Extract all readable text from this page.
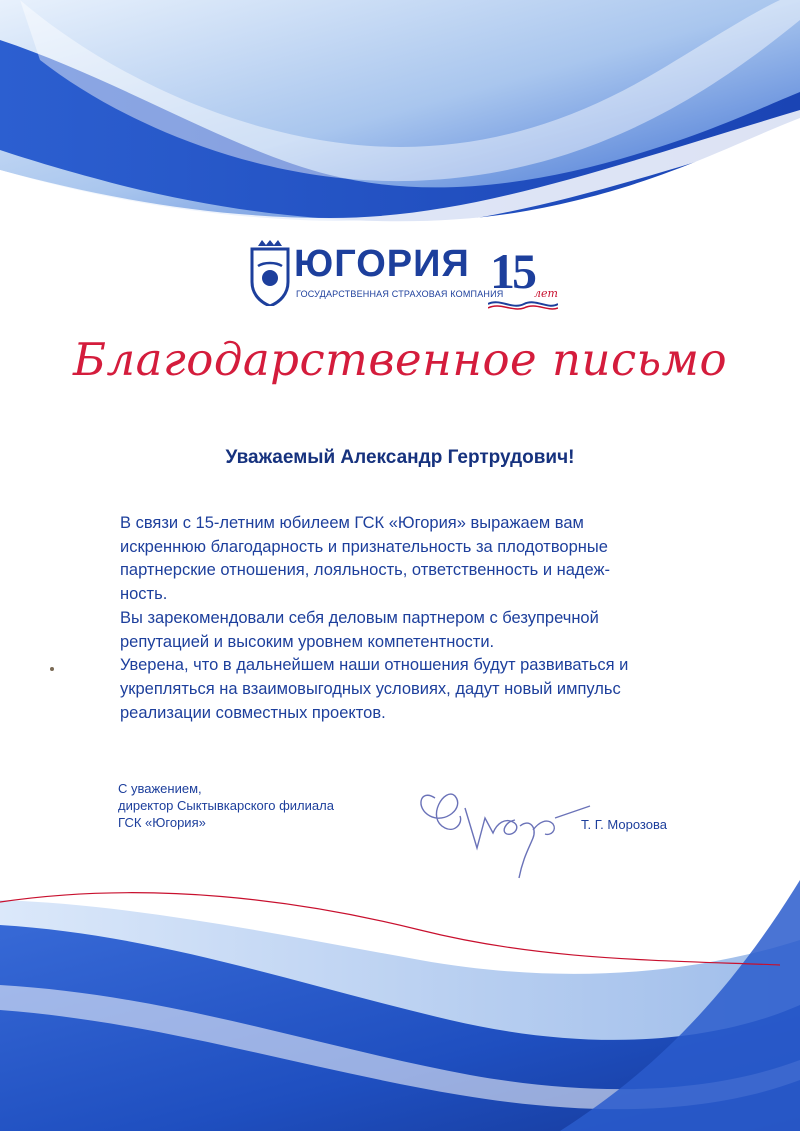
ЮГОРИЯ
ГОСУДАРСТВЕННАЯ СТРАХОВАЯ КОМПАНИЯ
15 лет
Благодарственное письмо
Уважаемый Александр Гертрудович!
В связи с 15-летним юбилеем ГСК «Югория» выражаем вам
искреннюю благодарность и признательность за плодотворные
партнерские отношения, лояльность, ответственность и надеж-
ность.
Вы зарекомендовали себя деловым партнером с безупречной
репутацией и высоким уровнем компетентности.
Уверена, что в дальнейшем наши отношения будут развиваться и
укрепляться на взаимовыгодных условиях, дадут новый импульс
реализации совместных проектов.
С уважением,
директор Сыктывкарского филиала
ГСК «Югория»	Т. Г. Морозова
